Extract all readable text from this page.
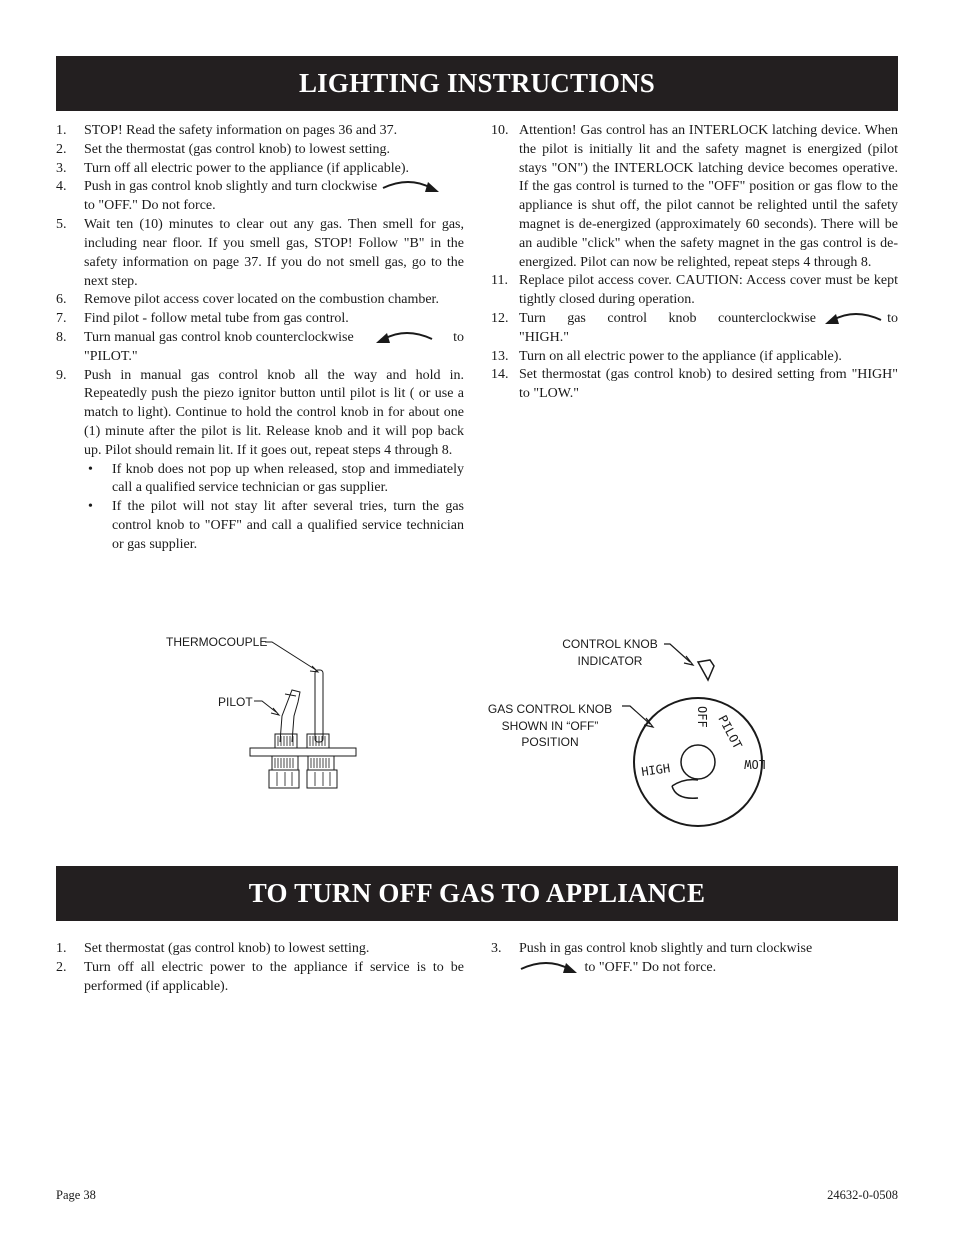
LIGHTING INSTRUCTIONS
1.	STOP! Read the safety information on pages 36 and 37.
2.	Set the thermostat (gas control knob) to lowest setting.
3.	Turn off all electric power to the appliance (if applicable).
4.	Push in gas control knob slightly and turn clockwise
to "OFF." Do not force.
5.	Wait ten (10) minutes to clear out any gas. Then smell for gas, including near floor. If you smell gas, STOP! Follow "B" in the safety information on page 37. If you do not smell gas, go to the next step.
6.	Remove pilot access cover located on the combustion chamber.
7.	Find pilot - follow metal tube from gas control.
8.	Turn manual gas control knob counterclockwise	to
"PILOT."
9.	Push in manual gas control knob all the way and hold in. Repeatedly push the piezo ignitor button until pilot is lit ( or use a match to light). Continue to hold the control knob in for about one (1) minute after the pilot is lit. Release knob and it will pop back up. Pilot should remain lit. If it goes out, repeat steps 4 through 8.
•	If knob does not pop up when released, stop and immediately call a qualified service technician or gas supplier.
•	If the pilot will not stay lit after several tries, turn the gas control knob to "OFF" and call a qualified service technician or gas supplier.
10. Attention! Gas control has an INTERLOCK latching device. When the pilot is initially lit and the safety magnet is energized (pilot stays "ON") the INTERLOCK latching device becomes operative. If the gas control is turned to the "OFF" position or gas flow to the appliance is shut off, the pilot cannot be relighted until the safety magnet is de-energized (approximately 60 seconds). There will be an audible "click" when the safety magnet in the gas control is de-energized. Pilot can now be relighted, repeat steps 4 through 8.
11. Replace pilot access cover. CAUTION: Access cover must be kept tightly closed during operation.
12. Turn gas control knob counterclockwise	to
"HIGH."
13. Turn on all electric power to the appliance (if applicable).
14. Set thermostat (gas control knob) to desired setting from "HIGH" to "LOW."
THERMOCOUPLE
PILOT
CONTROL KNOB
INDICATOR
GAS CONTROL KNOB
SHOWN IN “OFF”
POSITION
OFF PILOT
LOW
HIGH
TO TURN OFF GAS TO APPLIANCE
1.	Set thermostat (gas control knob) to lowest setting.
2.	Turn off all electric power to the appliance if service is to be performed (if applicable).
3.	Push in gas control knob slightly and turn clockwise
to "OFF." Do not force.
Page 38	24632-0-0508
